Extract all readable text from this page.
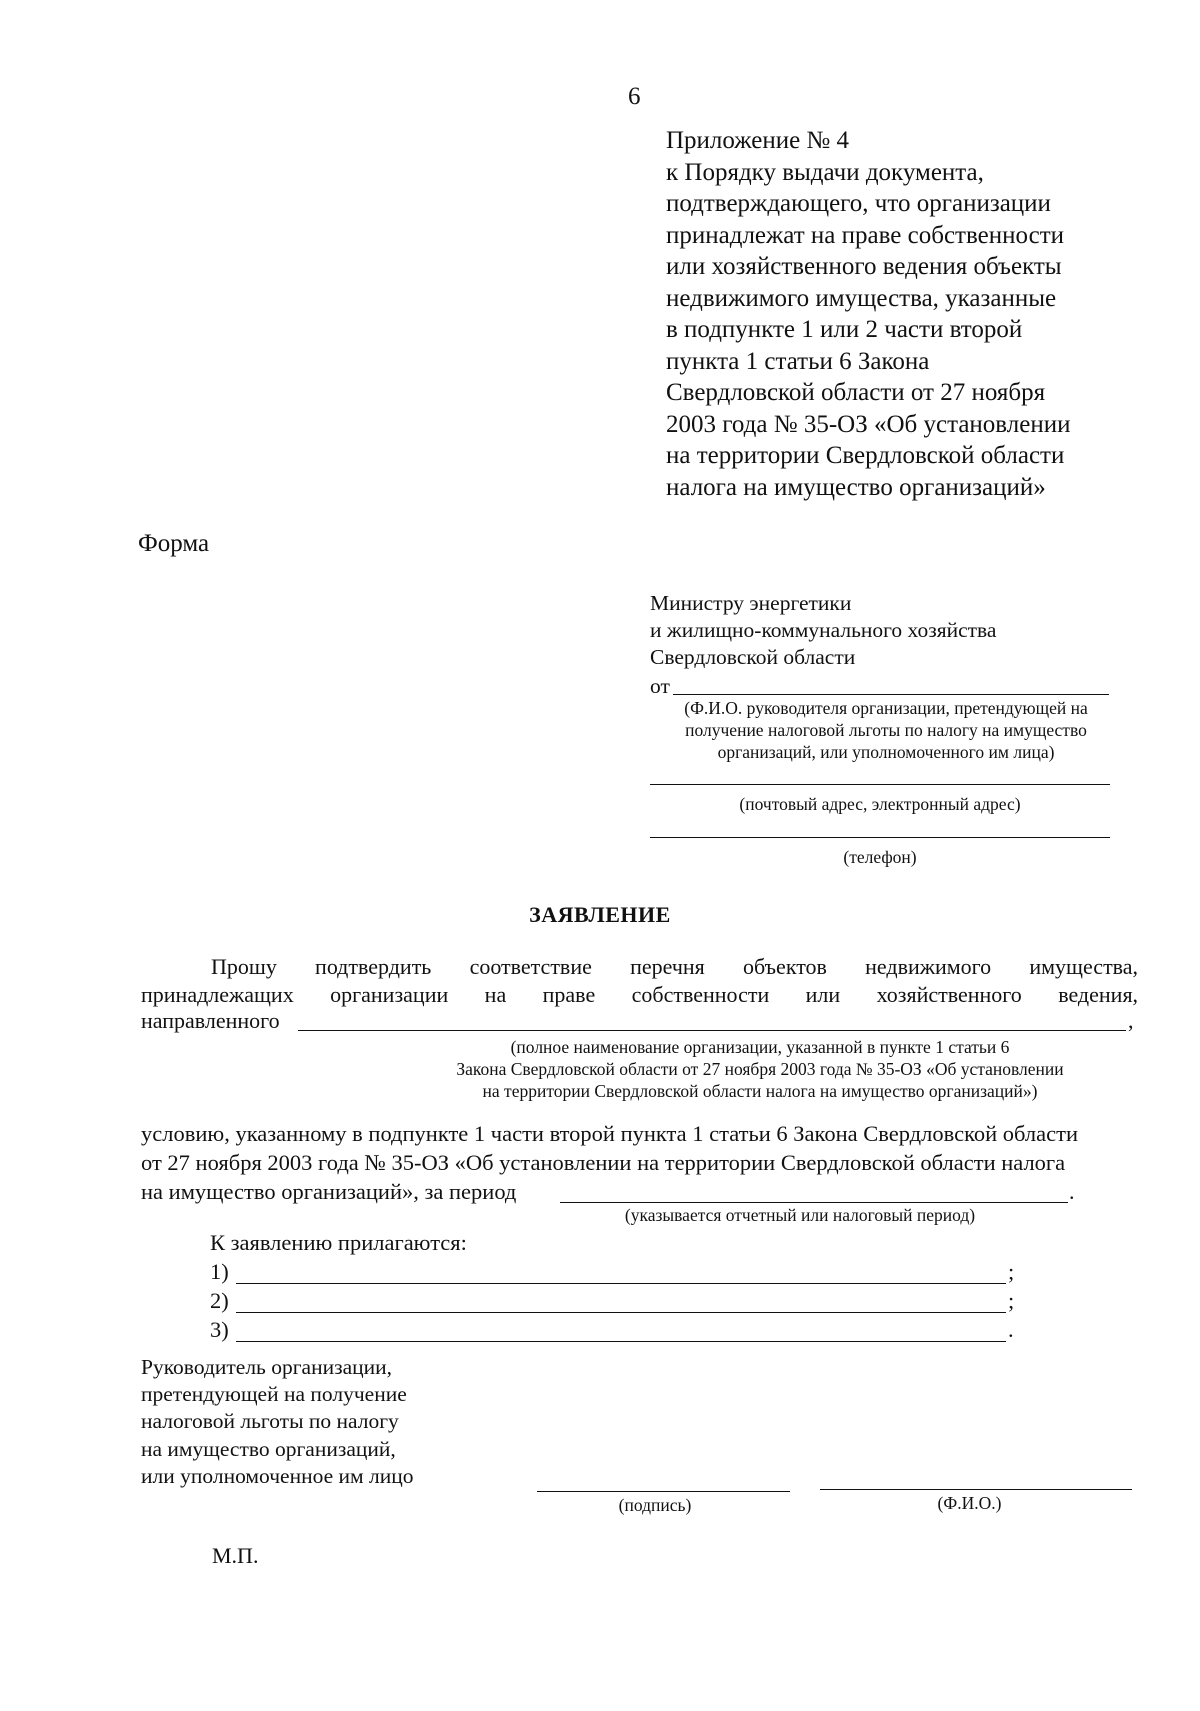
6
Приложение № 4
к Порядку выдачи документа,
подтверждающего, что организации
принадлежат на праве собственности
или хозяйственного ведения объекты
недвижимого имущества, указанные
в подпункте 1 или 2 части второй
пункта 1 статьи 6 Закона
Свердловской области от 27 ноября
2003 года № 35-ОЗ «Об установлении
на территории Свердловской области
налога на имущество организаций»
Форма
Министру энергетики
и жилищно-коммунального хозяйства
Свердловской области
от
(Ф.И.О. руководителя организации, претендующей на получение налоговой льготы по налогу на имущество организаций, или уполномоченного им лица)
(почтовый адрес, электронный адрес)
(телефон)
ЗАЯВЛЕНИЕ
Прошу подтвердить соответствие перечня объектов недвижимого имущества,
принадлежащих организации на праве собственности или хозяйственного ведения,
направленного	,
(полное наименование организации, указанной в пункте 1 статьи 6
Закона Свердловской области от 27 ноября 2003 года № 35-ОЗ «Об установлении
на территории Свердловской области налога на имущество организаций»)
условию, указанному в подпункте 1 части второй пункта 1 статьи 6 Закона Свердловской области
от 27 ноября 2003 года № 35-ОЗ «Об установлении на территории Свердловской области налога
на имущество организаций», за период	.
(указывается отчетный или налоговый период)
К заявлению прилагаются:
1)	;
2)	;
3)	.
Руководитель организации,
претендующей на получение
налоговой льготы по налогу
на имущество организаций,
или уполномоченное им лицо
(подпись)	(Ф.И.О.)
М.П.
